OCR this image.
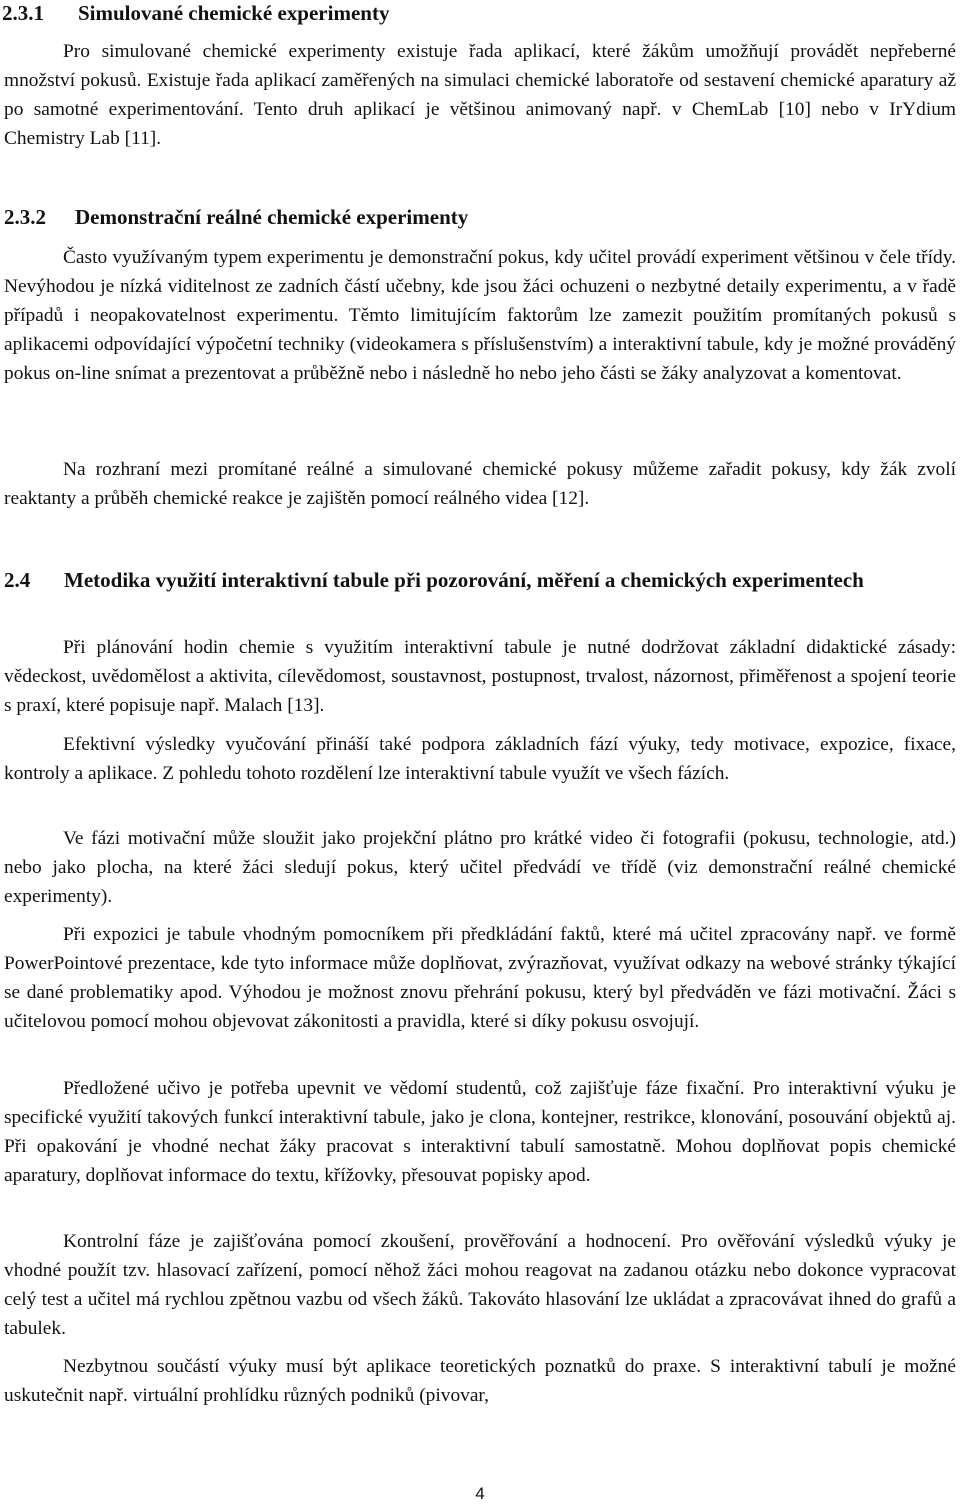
2.3.1 Simulované chemické experimenty

Pro simulované chemické experimenty existuje řada aplikací, které žákům umožňují provádět nepřeberné množství pokusů. Existuje řada aplikací zaměřených na simulaci chemické laboratoře od sestavení chemické aparatury až po samotné experimentování. Tento druh aplikací je většinou animovaný např. v ChemLab [10] nebo v IrYdium Chemistry Lab [11].

2.3.2 Demonstrační reálné chemické experimenty

Často využívaným typem experimentu je demonstrační pokus, kdy učitel provádí experiment většinou v čele třídy. Nevýhodou je nízká viditelnost ze zadních částí učebny, kde jsou žáci ochuzeni o nezbytné detaily experimentu, a v řadě případů i neopakovatelnost experimentu. Těmto limitujícím faktorům lze zamezit použitím promítaných pokusů s aplikacemi odpovídající výpočetní techniky (videokamera s příslušenstvím) a interaktivní tabule, kdy je možné prováděný pokus on-line snímat a prezentovat a průběžně nebo i následně ho nebo jeho části se žáky analyzovat a komentovat.

Na rozhraní mezi promítané reálné a simulované chemické pokusy můžeme zařadit pokusy, kdy žák zvolí reaktanty a průběh chemické reakce je zajištěn pomocí reálného videa [12].

2.4 Metodika využití interaktivní tabule při pozorování, měření a chemických experimentech

Při plánování hodin chemie s využitím interaktivní tabule je nutné dodržovat základní didaktické zásady: vědeckost, uvědomělost a aktivita, cílevědomost, soustavnost, postupnost, trvalost, názornost, přiměřenost a spojení teorie s praxí, které popisuje např. Malach [13].

Efektivní výsledky vyučování přináší také podpora základních fází výuky, tedy motivace, expozice, fixace, kontroly a aplikace. Z pohledu tohoto rozdělení lze interaktivní tabule využít ve všech fázích.

Ve fázi motivační může sloužit jako projekční plátno pro krátké video či fotografii (pokusu, technologie, atd.) nebo jako plocha, na které žáci sledují pokus, který učitel předvádí ve třídě (viz demonstrační reálné chemické experimenty).

Při expozici je tabule vhodným pomocníkem při předkládání faktů, které má učitel zpracovány např. ve formě PowerPointové prezentace, kde tyto informace může doplňovat, zvýrazňovat, využívat odkazy na webové stránky týkající se dané problematiky apod. Výhodou je možnost znovu přehrání pokusu, který byl předváděn ve fázi motivační. Žáci s učitelovou pomocí mohou objevovat zákonitosti a pravidla, které si díky pokusu osvojují.

Předložené učivo je potřeba upevnit ve vědomí studentů, což zajišťuje fáze fixační. Pro interaktivní výuku je specifické využití takových funkcí interaktivní tabule, jako je clona, kontejner, restrikce, klonování, posouvání objektů aj. Při opakování je vhodné nechat žáky pracovat s interaktivní tabulí samostatně. Mohou doplňovat popis chemické aparatury, doplňovat informace do textu, křížovky, přesouvat popisky apod.

Kontrolní fáze je zajišťována pomocí zkoušení, prověřování a hodnocení. Pro ověřování výsledků výuky je vhodné použít tzv. hlasovací zařízení, pomocí něhož žáci mohou reagovat na zadanou otázku nebo dokonce vypracovat celý test a učitel má rychlou zpětnou vazbu od všech žáků. Takováto hlasování lze ukládat a zpracovávat ihned do grafů a tabulek.

Nezbytnou součástí výuky musí být aplikace teoretických poznatků do praxe. S interaktivní tabulí je možné uskutečnit např. virtuální prohlídku různých podniků (pivovar,

4
